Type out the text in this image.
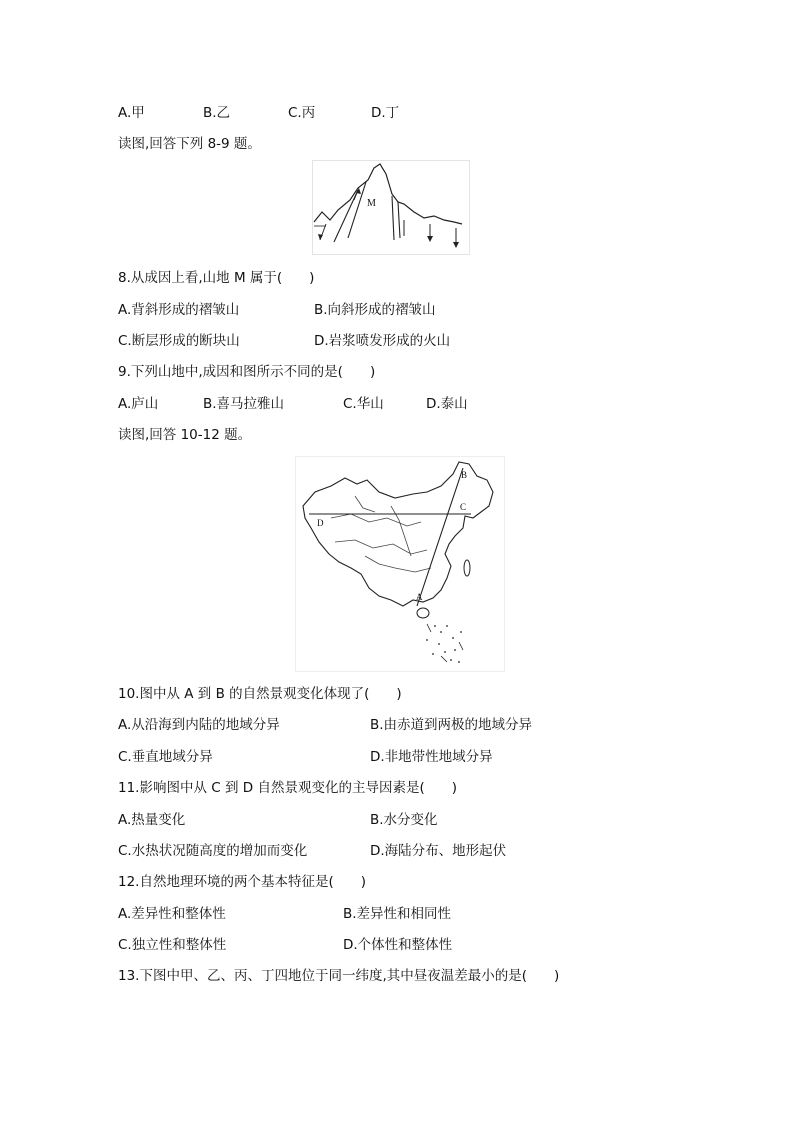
A.甲	B.乙	C.丙	D.丁
读图,回答下列 8-9 题。
M
8.从成因上看,山地 M 属于(　　)
A.背斜形成的褶皱山	B.向斜形成的褶皱山
C.断层形成的断块山	D.岩浆喷发形成的火山
9.下列山地中,成因和图所示不同的是(　　)
A.庐山	B.喜马拉雅山	C.华山	D.泰山
读图,回答 10-12 题。
D
C
B
A
10.图中从 A 到 B 的自然景观变化体现了(　　)
A.从沿海到内陆的地域分异	B.由赤道到两极的地域分异
C.垂直地域分异	D.非地带性地域分异
11.影响图中从 C 到 D 自然景观变化的主导因素是(　　)
A.热量变化	B.水分变化
C.水热状况随高度的增加而变化	D.海陆分布、地形起伏
12.自然地理环境的两个基本特征是(　　)
A.差异性和整体性	B.差异性和相同性
C.独立性和整体性	D.个体性和整体性
13.下图中甲、乙、丙、丁四地位于同一纬度,其中昼夜温差最小的是(　　)
